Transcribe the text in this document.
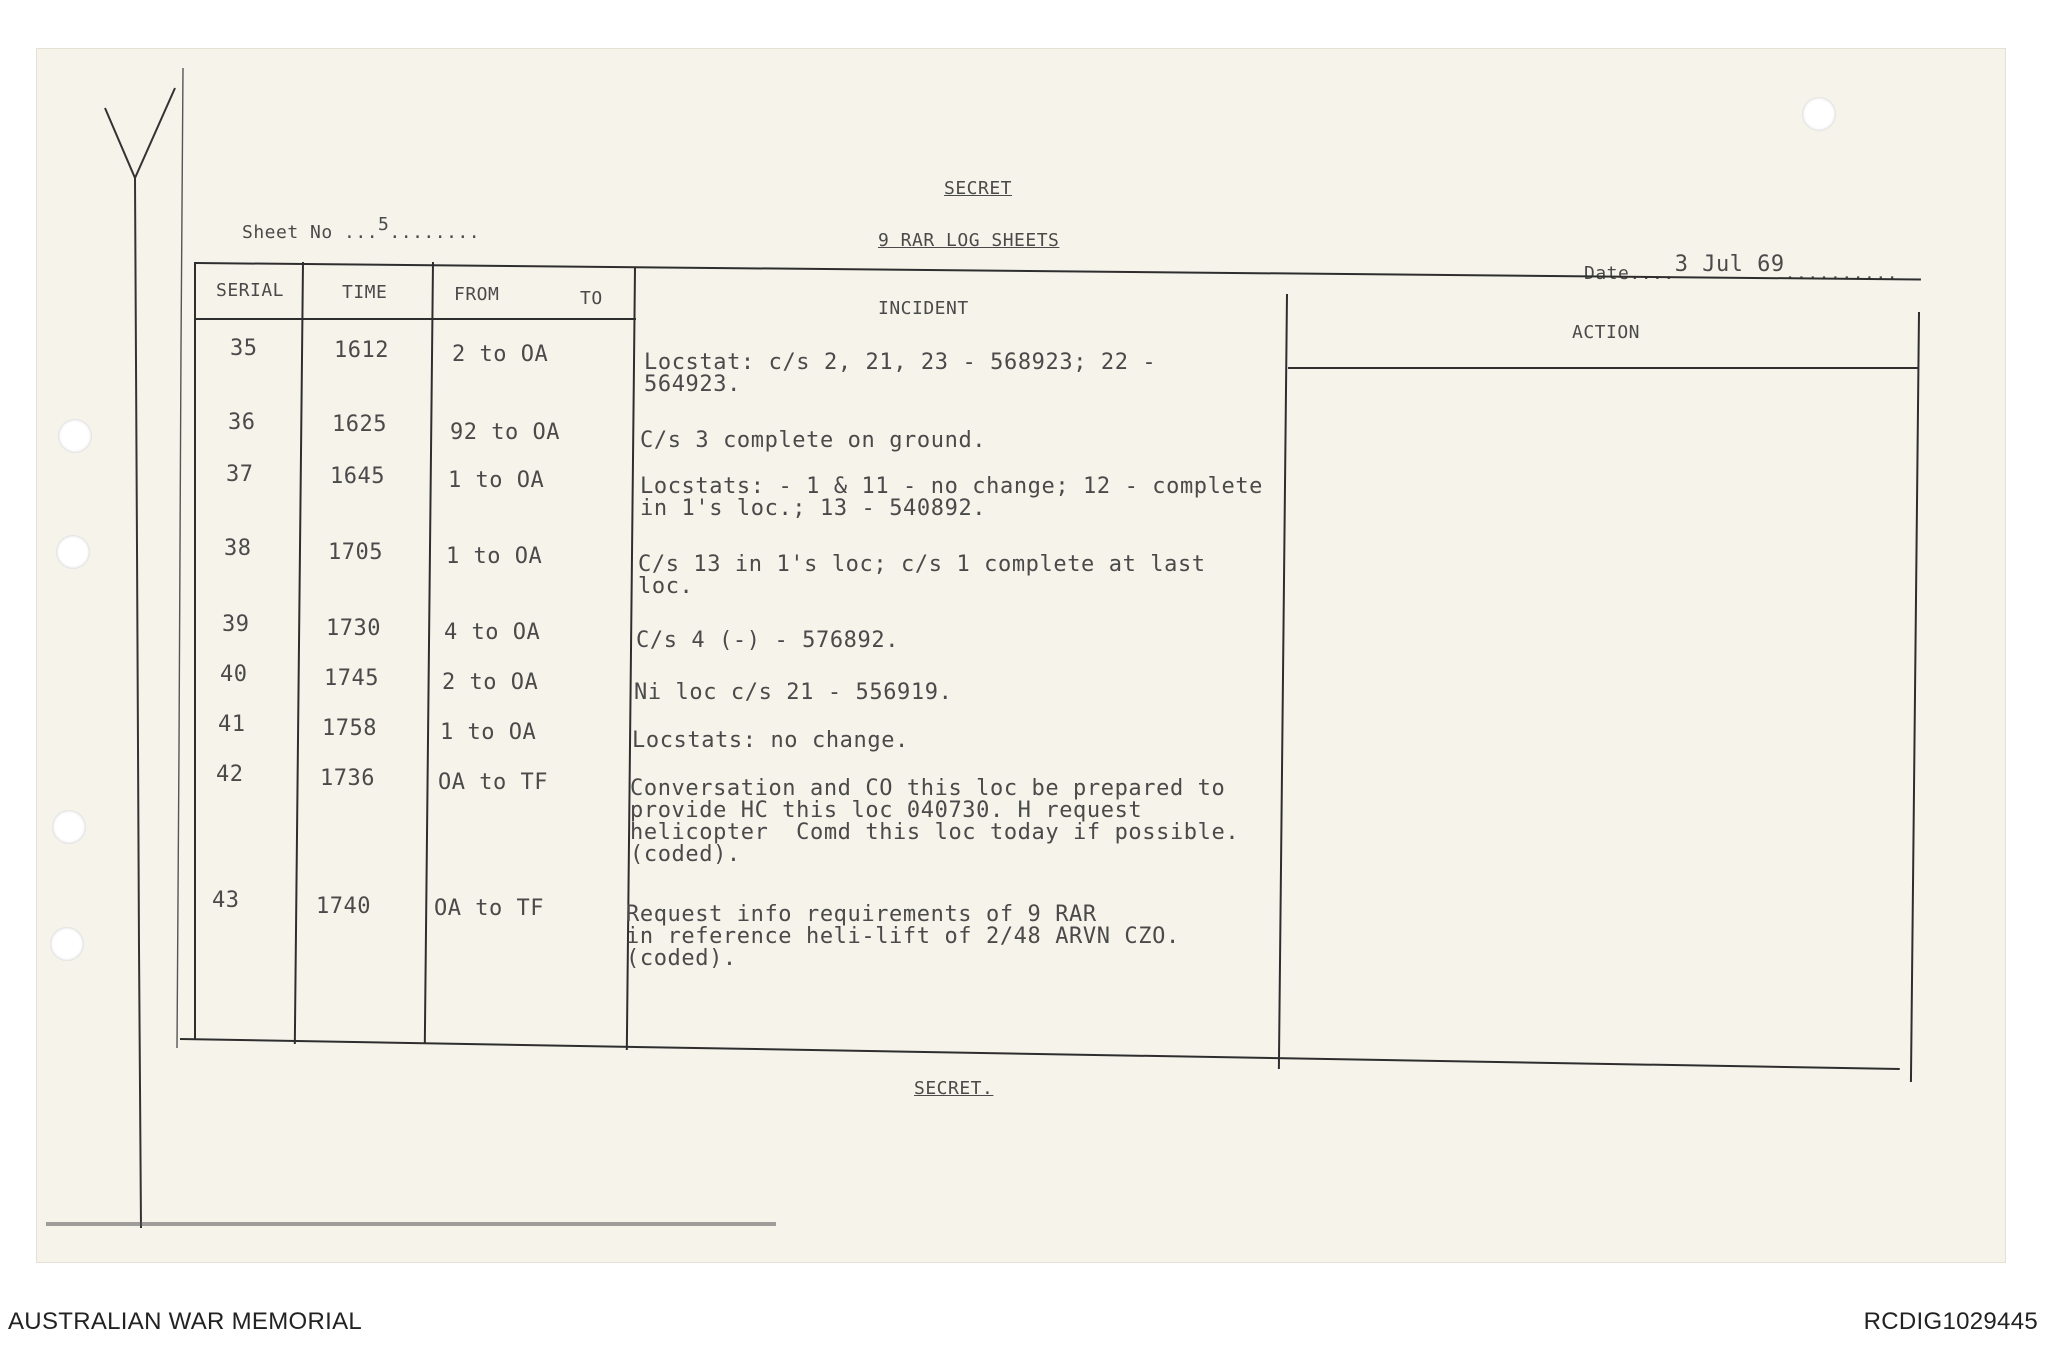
SECRET
Sheet No ...5........	9 RAR LOG SHEETS
Date....3 Jul 69..........
SERIAL	TIME	FROM	TO	INCIDENT
ACTION
35	1612	2 to OA	Locstat: c/s 2, 21, 23 - 568923; 22 -
564923.
36	1625	92 to OA	C/s 3 complete on ground.
37	1645	1 to OA	Locstats: - 1 & 11 - no change; 12 - complete
in 1's loc.; 13 - 540892.
38	1705	1 to OA	C/s 13 in 1's loc; c/s 1 complete at last
loc.
39	1730	4 to OA	C/s 4 (-) - 576892.
40	1745	2 to OA	Ni loc c/s 21 - 556919.
41	1758	1 to OA	Locstats: no change.
42	1736	OA to TF	Conversation and CO this loc be prepared to
provide HC this loc 040730. H request
helicopter  Comd this loc today if possible.
(coded).
43	1740	OA to TF	Request info requirements of 9 RAR
in reference heli-lift of 2/48 ARVN CZO.
(coded).
SECRET.
AUSTRALIAN WAR MEMORIAL	RCDIG1029445
